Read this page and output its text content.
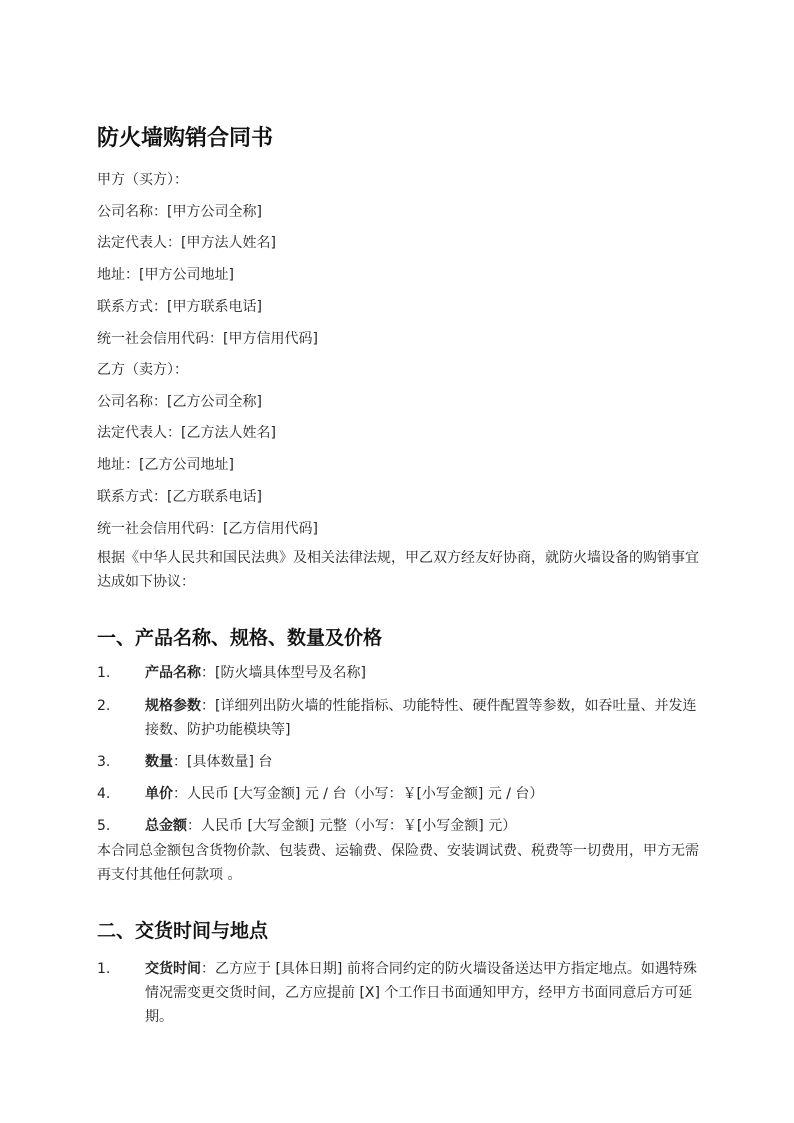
防火墙购销合同书

甲方（买方）：

公司名称：[甲方公司全称]

法定代表人：[甲方法人姓名]

地址：[甲方公司地址]

联系方式：[甲方联系电话]

统一社会信用代码：[甲方信用代码]

乙方（卖方）：

公司名称：[乙方公司全称]

法定代表人：[乙方法人姓名]

地址：[乙方公司地址]

联系方式：[乙方联系电话]

统一社会信用代码：[乙方信用代码]

根据《中华人民共和国民法典》及相关法律法规，甲乙双方经友好协商，就防火墙设备的购销事宜达成如下协议：

一、产品名称、规格、数量及价格
1. 产品名称：[防火墙具体型号及名称]
2. 规格参数：[详细列出防火墙的性能指标、功能特性、硬件配置等参数，如吞吐量、并发连接数、防护功能模块等]
3. 数量：[具体数量] 台
4. 单价：人民币 [大写金额] 元 / 台（小写：￥[小写金额] 元 / 台）
5. 总金额：人民币 [大写金额] 元整（小写：￥[小写金额] 元）

本合同总金额包含货物价款、包装费、运输费、保险费、安装调试费、税费等一切费用，甲方无需再支付其他任何款项 。

二、交货时间与地点
1. 交货时间：乙方应于 [具体日期] 前将合同约定的防火墙设备送达甲方指定地点。如遇特殊情况需变更交货时间，乙方应提前 [X] 个工作日书面通知甲方，经甲方书面同意后方可延期。
